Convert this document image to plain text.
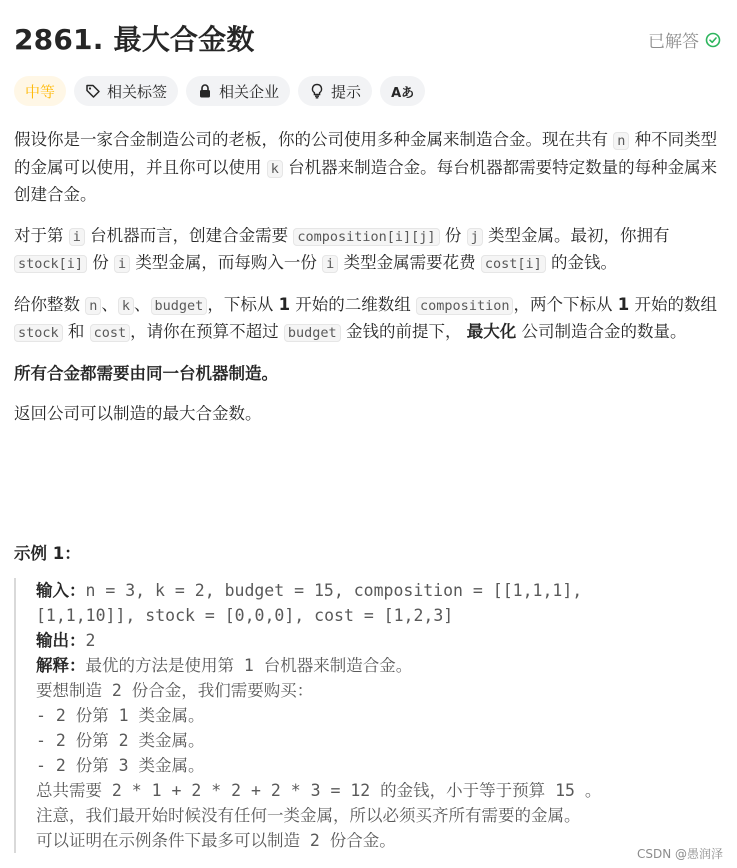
2861. 最大合金数	已解答
中等	相关标签	相关企业	提示 Aあ

假设你是一家合金制造公司的老板，你的公司使用多种金属来制造合金。现在共有 n 种不同类型的金属可以使用，并且你可以使用 k 台机器来制造合金。每台机器都需要特定数量的每种金属来创建合金。

对于第 i 台机器而言，创建合金需要 composition[i][j] 份 j 类型金属。最初，你拥有 stock[i] 份 i 类型金属，而每购入一份 i 类型金属需要花费 cost[i] 的金钱。

给你整数 n 、 k 、 budget ，下标从 1 开始的二维数组 composition ，两个下标从 1 开始的数组 stock 和 cost ，请你在预算不超过 budget 金钱的前提下， 最大化 公司制造合金的数量。

所有合金都需要由同一台机器制造。

返回公司可以制造的最大合金数。

示例 1：
输入：n = 3, k = 2, budget = 15, composition = [[1,1,1],
[1,1,10]], stock = [0,0,0], cost = [1,2,3]
输出：2
解释：最优的方法是使用第 1 台机器来制造合金。
要想制造 2 份合金，我们需要购买：
- 2 份第 1 类金属。
- 2 份第 2 类金属。
- 2 份第 3 类金属。
总共需要 2 * 1 + 2 * 2 + 2 * 3 = 12 的金钱，小于等于预算 15 。
注意，我们最开始时候没有任何一类金属，所以必须买齐所有需要的金属。
可以证明在示例条件下最多可以制造 2 份合金。
CSDN @愚润泽
